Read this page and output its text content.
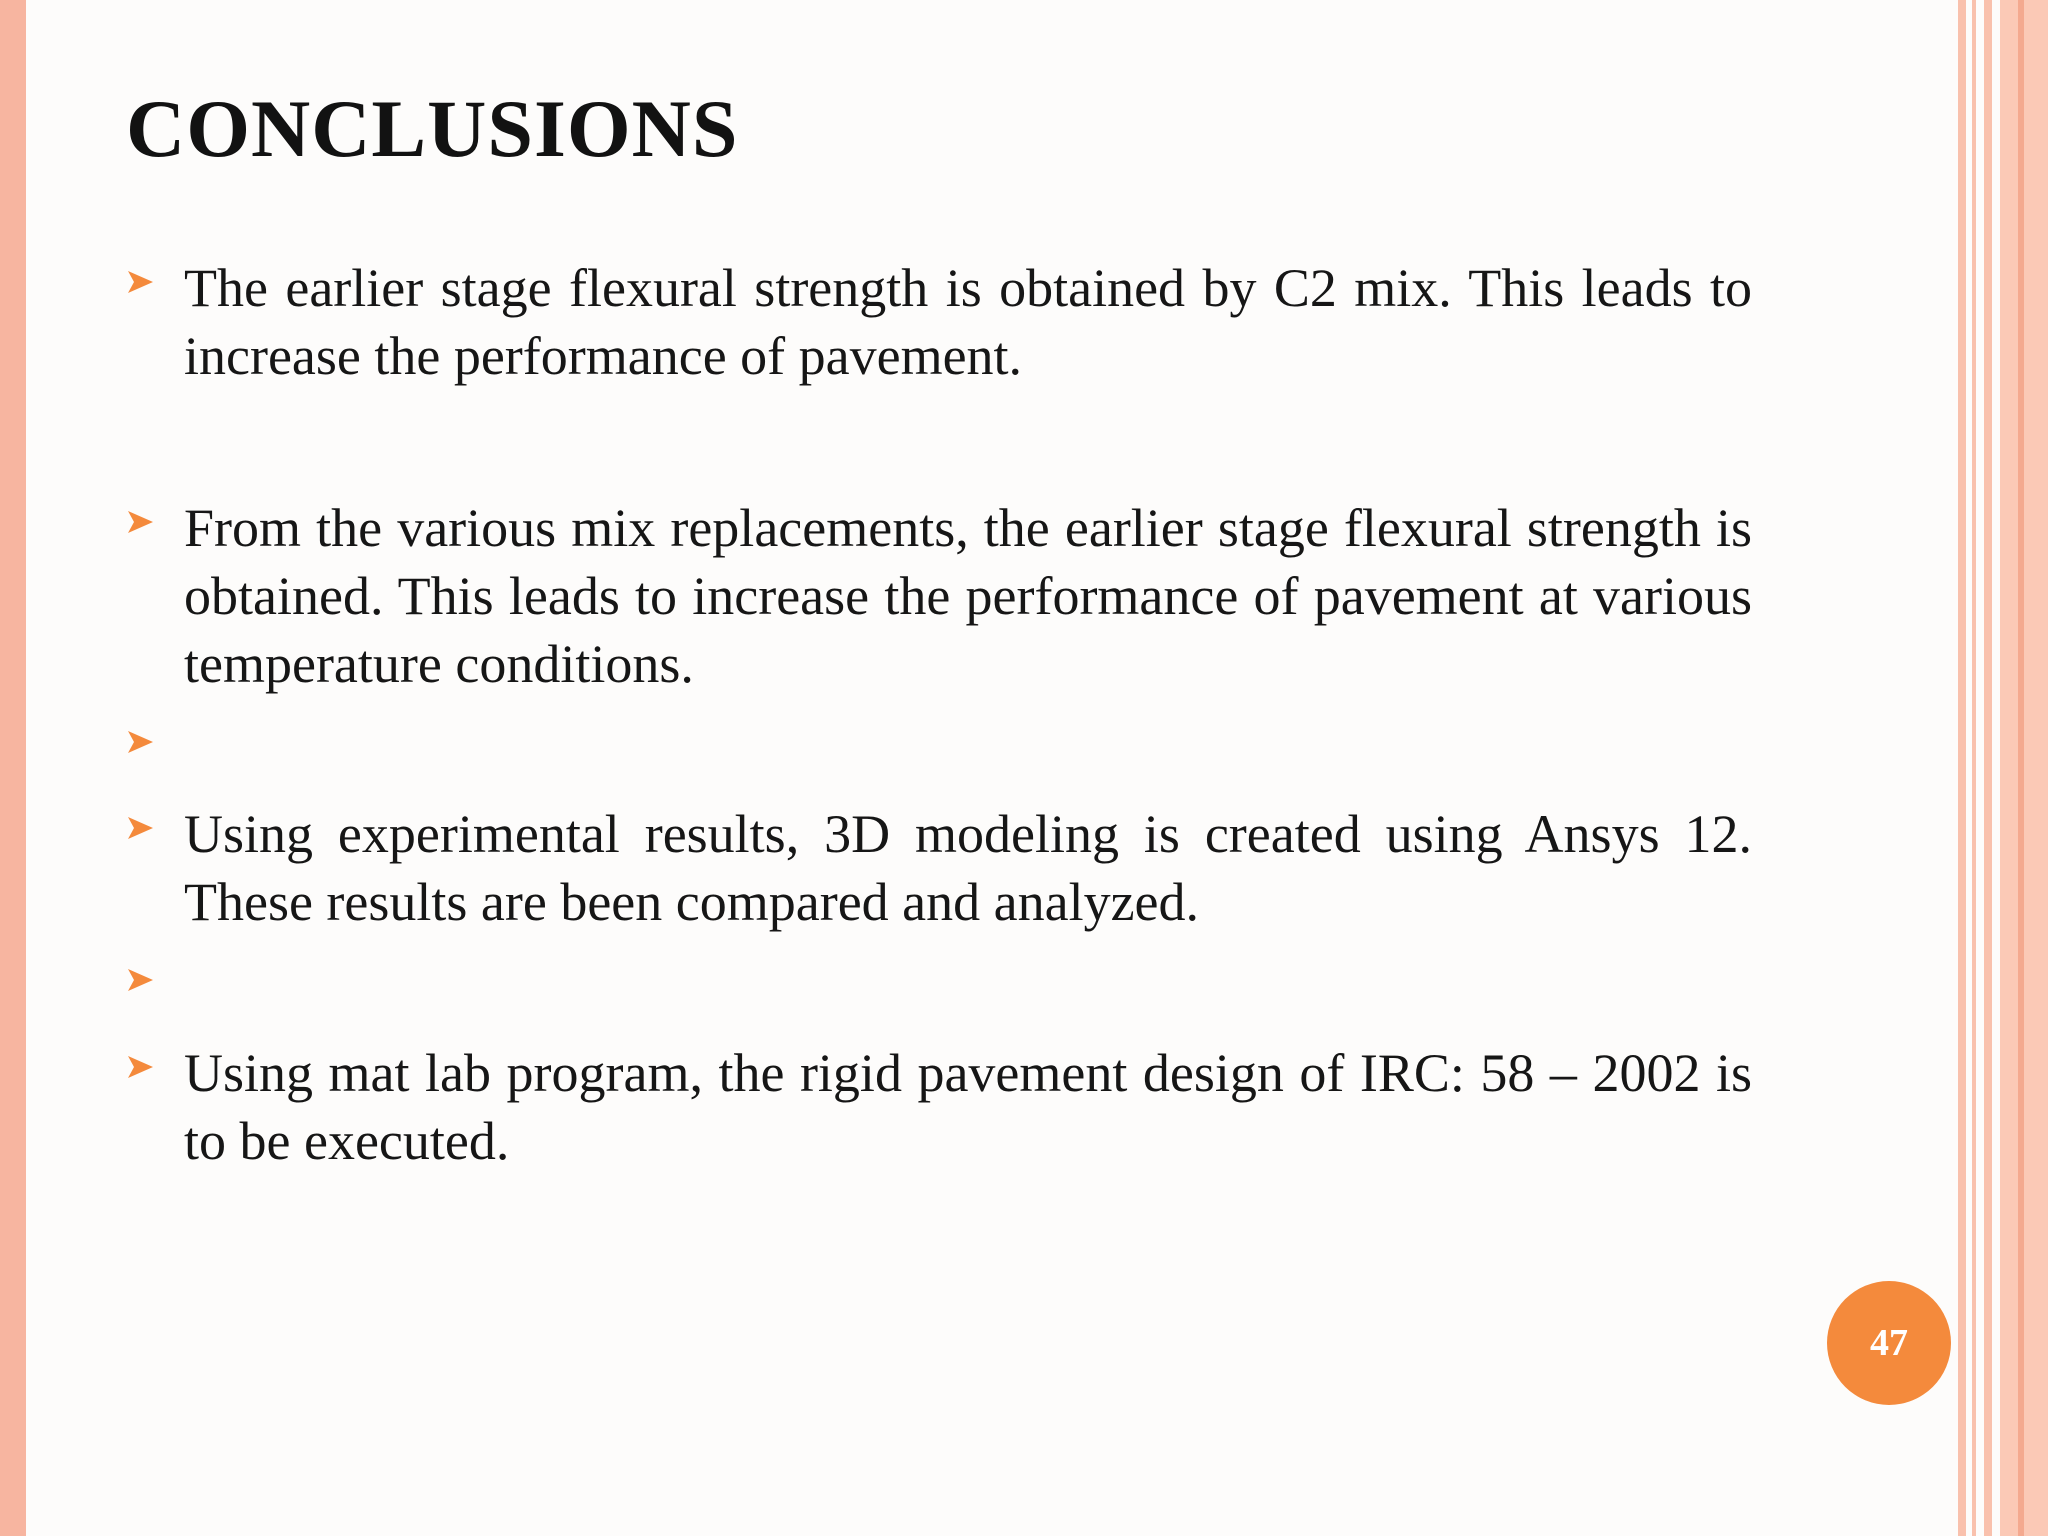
CONCLUSIONS
The earlier stage flexural strength is obtained by C2 mix. This leads to increase the performance of pavement.
From the various mix replacements, the earlier stage flexural strength is obtained. This leads to increase the performance of pavement at various temperature conditions.
Using experimental results, 3D modeling is created using Ansys 12. These results are been compared and analyzed.
Using mat lab program, the rigid pavement design of IRC: 58 – 2002 is to be executed.
47
